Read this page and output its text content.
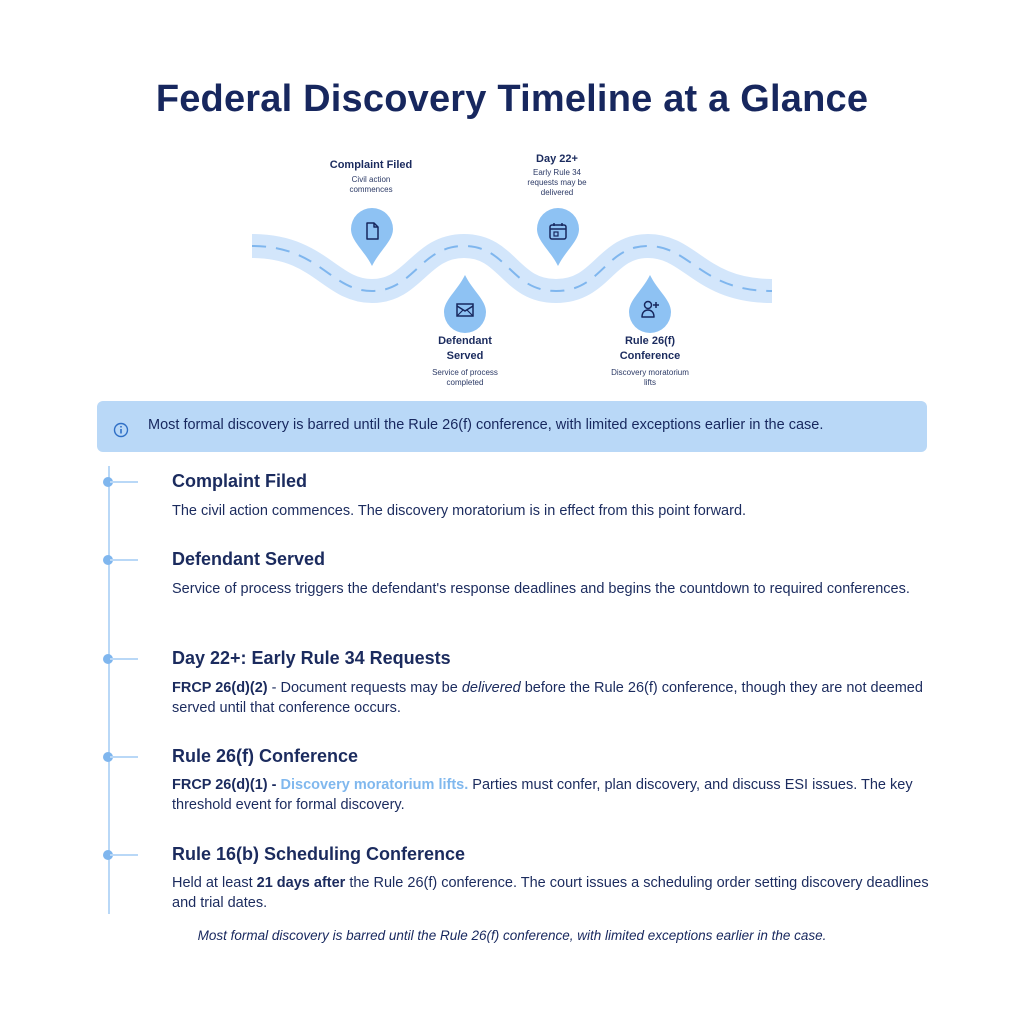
Federal Discovery Timeline at a Glance
Complaint Filed
Civil action commences
Defendant Served
Service of process completed
Day 22+
Early Rule 34 requests may be delivered
Rule 26(f) Conference
Discovery moratorium lifts
Most formal discovery is barred until the Rule 26(f) conference, with limited exceptions earlier in the case.
Complaint Filed
The civil action commences. The discovery moratorium is in effect from this point forward.
Defendant Served
Service of process triggers the defendant's response deadlines and begins the countdown to required conferences.
Day 22+: Early Rule 34 Requests
FRCP 26(d)(2) - Document requests may be delivered before the Rule 26(f) conference, though they are not deemed served until that conference occurs.
Rule 26(f) Conference
FRCP 26(d)(1) - Discovery moratorium lifts. Parties must confer, plan discovery, and discuss ESI issues. The key threshold event for formal discovery.
Rule 16(b) Scheduling Conference
Held at least 21 days after the Rule 26(f) conference. The court issues a scheduling order setting discovery deadlines and trial dates.
Most formal discovery is barred until the Rule 26(f) conference, with limited exceptions earlier in the case.
